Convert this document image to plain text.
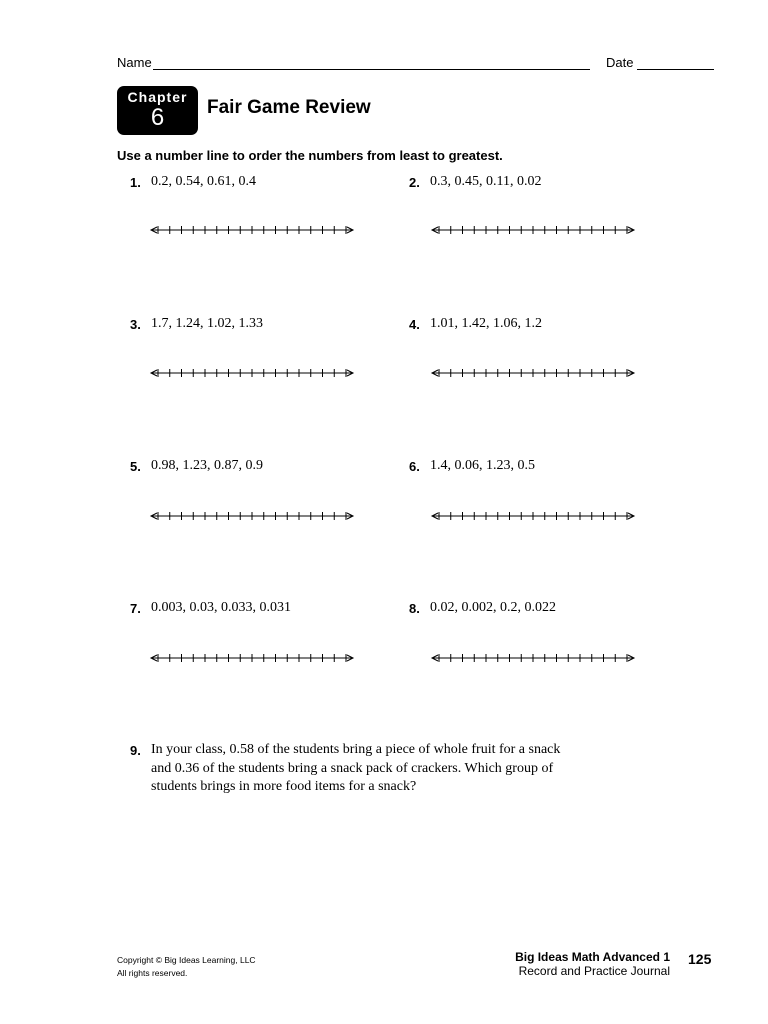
Name	Date
Chapter
6	Fair Game Review
Use a number line to order the numbers from least to greatest.
1. 0.2, 0.54, 0.61, 0.4	2. 0.3, 0.45, 0.11, 0.02
3. 1.7, 1.24, 1.02, 1.33	4. 1.01, 1.42, 1.06, 1.2
5. 0.98, 1.23, 0.87, 0.9	6. 1.4, 0.06, 1.23, 0.5
7. 0.003, 0.03, 0.033, 0.031	8. 0.02, 0.002, 0.2, 0.022
9. In your class, 0.58 of the students bring a piece of whole fruit for a snack
and 0.36 of the students bring a snack pack of crackers. Which group of
students brings in more food items for a snack?
Copyright © Big Ideas Learning, LLC
All rights reserved.
Big Ideas Math Advanced 1
Record and Practice Journal
125
